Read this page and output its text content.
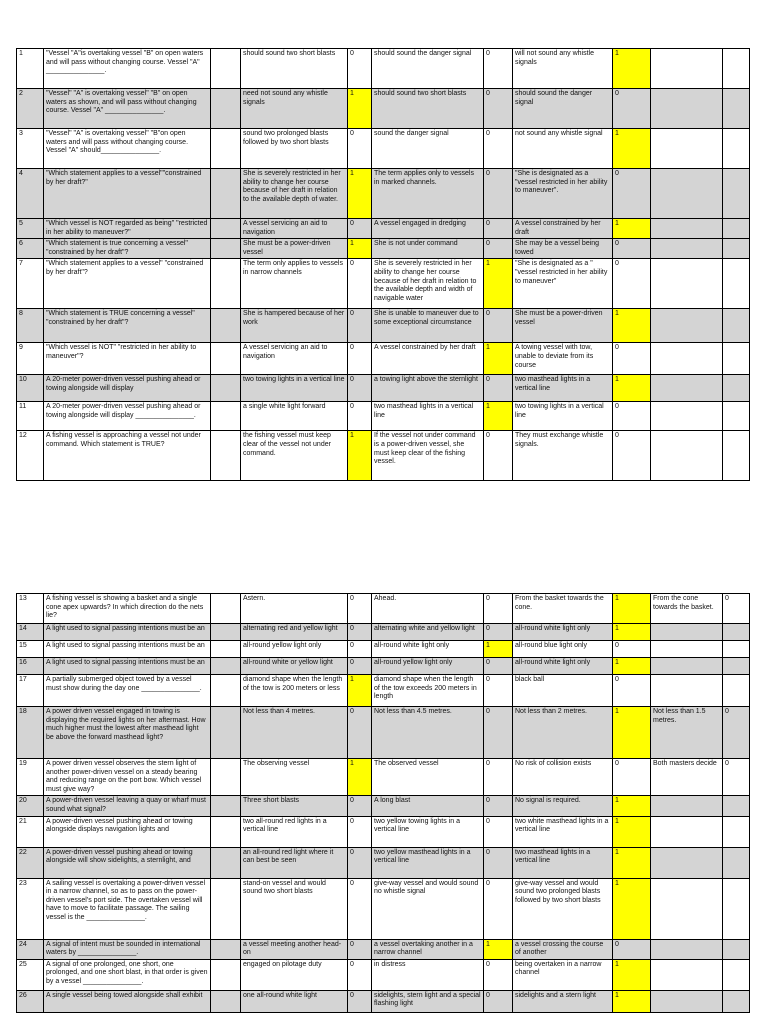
1	"Vessel "A"is overtaking vessel "B" on open waters and will pass without changing course. Vessel "A" _______________.		should sound two short blasts	0	should sound the danger signal	0	will not sound any whistle signals	1		
2	"Vessel" "A" is overtaking vessel" "B" on open waters as shown, and will pass without changing course. Vessel "A" _______________.		need not sound any whistle signals	1	should sound two short blasts	0	should sound the danger signal	0		
3	"Vessel" "A" is overtaking vessel" "B"on open waters and will pass without changing course. Vessel "A" should_______________.		sound two prolonged blasts followed by two short blasts	0	sound the danger signal	0	not sound any whistle signal	1		
4	"Which statement applies to a vessel""constrained by her draft?"		She is severely restricted in her ability to change her course because of her draft in relation to the available depth of water.	1	The term applies only to vessels in marked channels.	0	"She is designated as a "vessel restricted in her ability to maneuver".	0		
5	"Which vessel is NOT regarded as being" "restricted in her ability to maneuver?"		A vessel servicing an aid to navigation	0	A vessel engaged in dredging	0	A vessel constrained by her draft	1		
6	"Which statement is true concerning a vessel" "constrained by her draft"?		She must be a power-driven vessel	1	She is not under command	0	She may be a vessel being towed	0		
7	"Which statement applies to a vessel" "constrained by her draft"?		The term only applies to vessels in narrow channels	0	She is severely restricted in her ability to change her course because of her draft in relation to the available depth and width of navigable water	1	"She is designated as a " "vessel restricted in her ability to maneuver"	0		
8	"Which statement is TRUE concerning a vessel" "constrained by her draft"?		She is hampered because of her work	0	She is unable to maneuver due to some exceptional circumstance	0	She must be a power-driven vessel	1		
9	"Which vessel is NOT" "restricted in her ability to maneuver"?		A vessel servicing an aid to navigation	0	A vessel constrained by her draft	1	A towing vessel with tow, unable to deviate from its course	0		
10	A 20-meter power-driven vessel pushing ahead or towing alongside will display		two towing lights in a vertical line	0	a towing light above the sternlight	0	two masthead lights in a vertical line	1		
11	A 20-meter power-driven vessel pushing ahead or towing alongside will display _______________.		a single white light forward	0	two masthead lights in a vertical line	1	two towing lights in a vertical line	0		
12	A fishing vessel is approaching a vessel not under command. Which statement is TRUE?		the fishing vessel must keep clear of the vessel not under command.	1	If the vessel not under command is a power-driven vessel, she must keep clear of the fishing vessel.	0	They must exchange whistle signals.	0		
13	A fishing vessel is showing a basket and a single cone apex upwards? In which direction do the nets lie?		Astern.	0	Ahead.	0	From the basket towards the cone.	1	From the cone towards the basket.	0
14	A light used to signal passing intentions must be an		alternating red and yellow light	0	alternating white and yellow light	0	all-round white light only	1		
15	A light used to signal passing intentions must be an		all-round yellow light only	0	all-round white light only	1	all-round blue light only	0		
16	A light used to signal passing intentions must be an		all-round white or yellow light	0	all-round yellow light only	0	all-round white light only	1		
17	A partially submerged object towed by a vessel must show during the day one _______________.		diamond shape when the length of the tow is 200 meters or less	1	diamond shape when the length of the tow exceeds 200 meters in length	0	black ball	0		
18	A power driven vessel engaged in towing is displaying the required lights on her aftermast. How much higher must the lowest after masthead light be above the forward masthead light?		Not less than 4 metres.	0	Not less than 4.5 metres.	0	Not less than 2 metres.	1	Not less than 1.5 metres.	0
19	A power driven vessel observes the stern light of another power-driven vessel on a steady bearing and reducing range on the port bow. Which vessel must give way?		The observing vessel	1	The observed vessel	0	No risk of collision exists	0	Both masters decide	0
20	A power-driven vessel leaving a quay or wharf must sound what signal?		Three short blasts	0	A long blast	0	No signal is required.	1		
21	A power-driven vessel pushing ahead or towing alongside displays navigation lights and		two all-round red lights in a vertical line	0	two yellow towing lights in a vertical line	0	two white masthead lights in a vertical line	1		
22	A power-driven vessel pushing ahead or towing alongside will show sidelights, a sternlight, and		an all-round red light where it can best be seen	0	two yellow masthead lights in a vertical line	0	two masthead lights in a vertical line	1		
23	A sailing vessel is overtaking a power-driven vessel in a narrow channel, so as to pass on the power-driven vessel's port side. The overtaken vessel will have to move to facilitate passage. The sailing vessel is the _______________.		stand-on vessel and would sound two short blasts	0	give-way vessel and would sound no whistle signal	0	give-way vessel and would sound two prolonged blasts followed by two short blasts	1		
24	A signal of intent must be sounded in international waters by _______________.		a vessel meeting another head-on	0	a vessel overtaking another in a narrow channel	1	a vessel crossing the course of another	0		
25	A signal of one prolonged, one short, one prolonged, and one short blast, in that order is given by a vessel _______________.		engaged on pilotage duty	0	in distress	0	being overtaken in a narrow channel	1		
26	A single vessel being towed alongside shall exhibit		one all-round white light	0	sidelights, stern light and a special flashing light	0	sidelights and a stern light	1		
